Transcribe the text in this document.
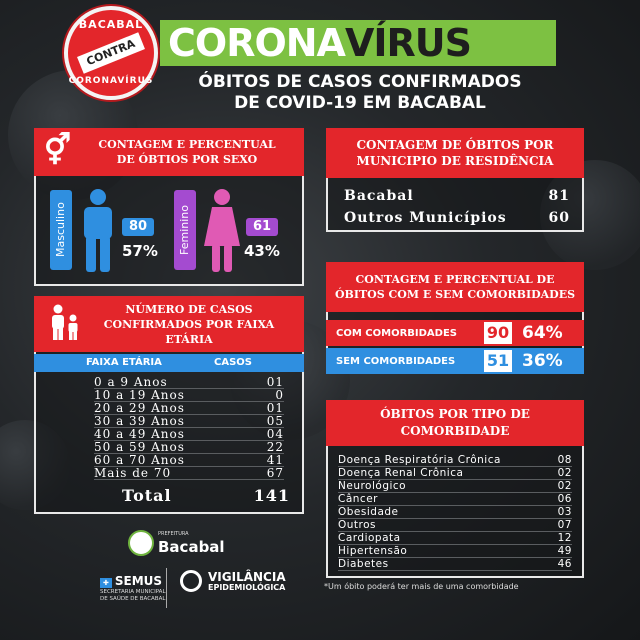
BACABAL
CONTRA
CORONAVÍRUS
CORONA VÍRUS
ÓBITOS DE CASOS CONFIRMADOS
DE COVID-19 EM BACABAL
⚥ CONTAGEM E PERCENTUAL
DE ÓBTIOS POR SEXO
Masculino	80
57%	Feminino	61
43%
CONTAGEM DE ÓBITOS POR
MUNICIPIO DE RESIDÊNCIA
Bacabal	81
Outros Municípios	60
CONTAGEM E PERCENTUAL DE
ÓBITOS COM E SEM COMORBIDADES
COM COMORBIDADES	90 64%
SEM COMORBIDADES	51 36%
NÚMERO DE CASOS
CONFIRMADOS POR FAIXA
ETÁRIA
FAIXA ETÁRIA	CASOS
0 a 9 Anos	01
10 a 19 Anos	0
20 a 29 Anos	01
30 a 39 Anos	05
40 a 49 Anos	04
50 a 59 Anos	22
60 a 70 Anos	41
Mais de 70	67
Total	141
ÓBITOS POR TIPO DE
COMORBIDADE
Doença Respiratória Crônica	08
Doença Renal Crônica	02
Neurológico	02
Câncer	06
Obesidade	03
Outros	07
Cardiopata	12
Hipertensão	49
Diabetes	46
*Um óbito poderá ter mais de uma comorbidade
PREFEITURA
Bacabal
✚ SEMUS
SECRETARIA MUNICIPAL
DE SAÚDE DE BACABAL
VIGILÂNCIA
EPIDEMIOLÓGICA
